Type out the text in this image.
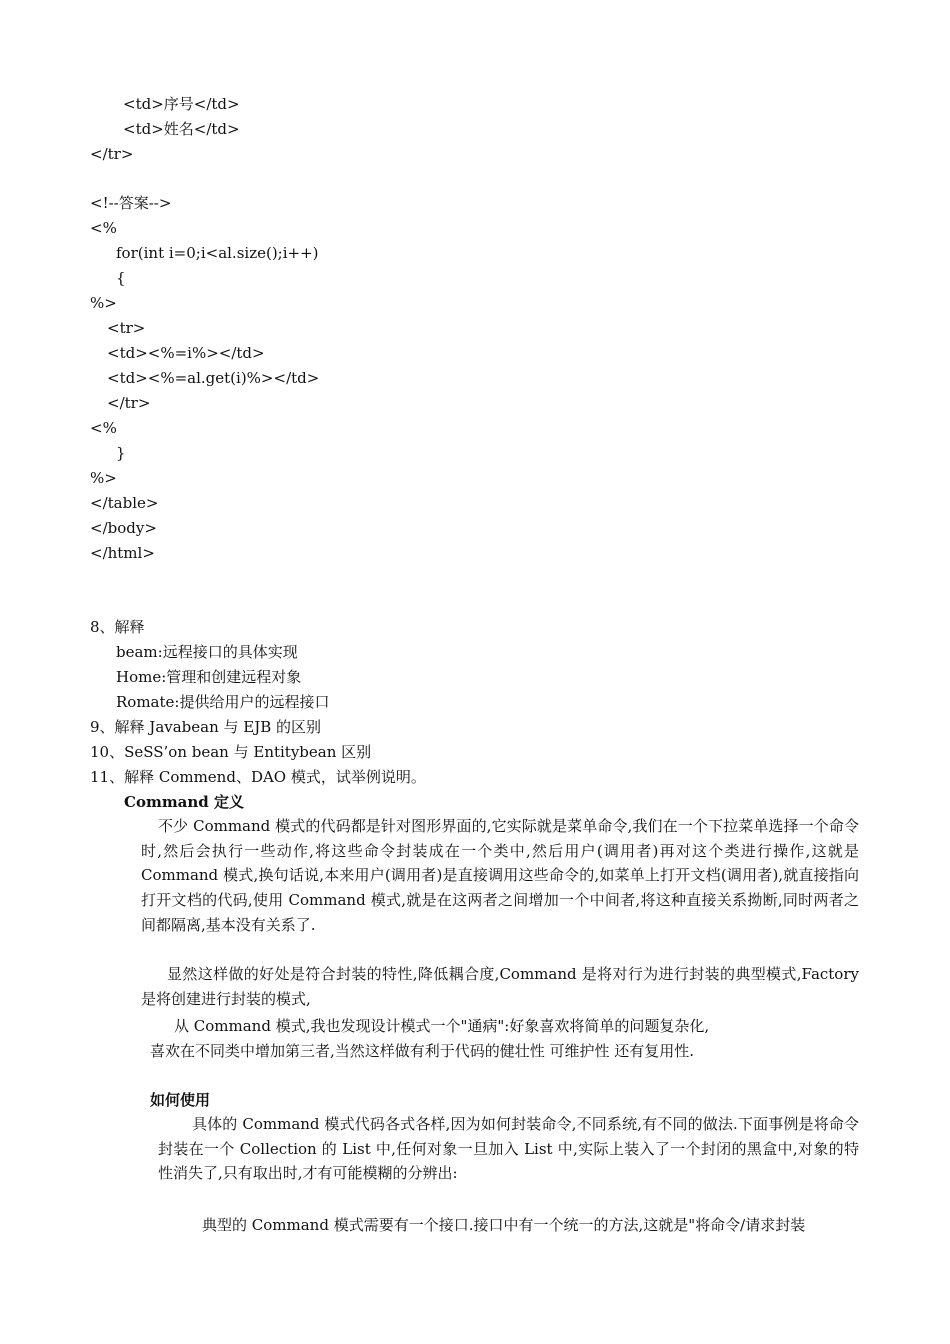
<td>序号</td>
<td>姓名</td>
</tr>
<!--答案-->
<%
for(int i=0;i<al.size();i++)
{
%>
<tr>
<td><%=i%></td>
<td><%=al.get(i)%></td>
</tr>
<%
}
%>
</table>
</body>
</html>
8、解释
beam:远程接口的具体实现
Home:管理和创建远程对象
Romate:提供给用户的远程接口
9、解释 Javabean 与 EJB 的区别
10、SeSS’on bean 与 Entitybean 区别
11、解释 Commend、DAO 模式，试举例说明。
Command 定义
不少 Command 模式的代码都是针对图形界面的,它实际就是菜单命令,我们在一个下拉菜单选择一个命令时,然后会执行一些动作,将这些命令封装成在一个类中,然后用户(调用者)再对这个类进行操作,这就是 Command 模式,换句话说,本来用户(调用者)是直接调用这些命令的,如菜单上打开文档(调用者),就直接指向打开文档的代码,使用 Command 模式,就是在这两者之间增加一个中间者,将这种直接关系拗断,同时两者之间都隔离,基本没有关系了.
显然这样做的好处是符合封装的特性,降低耦合度,Command 是将对行为进行封装的典型模式,Factory 是将创建进行封装的模式,
从 Command 模式,我也发现设计模式一个"通病":好象喜欢将简单的问题复杂化,
喜欢在不同类中增加第三者,当然这样做有利于代码的健壮性 可维护性 还有复用性.
如何使用
具体的 Command 模式代码各式各样,因为如何封装命令,不同系统,有不同的做法.下面事例是将命令封装在一个 Collection 的 List 中,任何对象一旦加入 List 中,实际上装入了一个封闭的黑盒中,对象的特性消失了,只有取出时,才有可能模糊的分辨出:
典型的 Command 模式需要有一个接口.接口中有一个统一的方法,这就是"将命令/请求封装
